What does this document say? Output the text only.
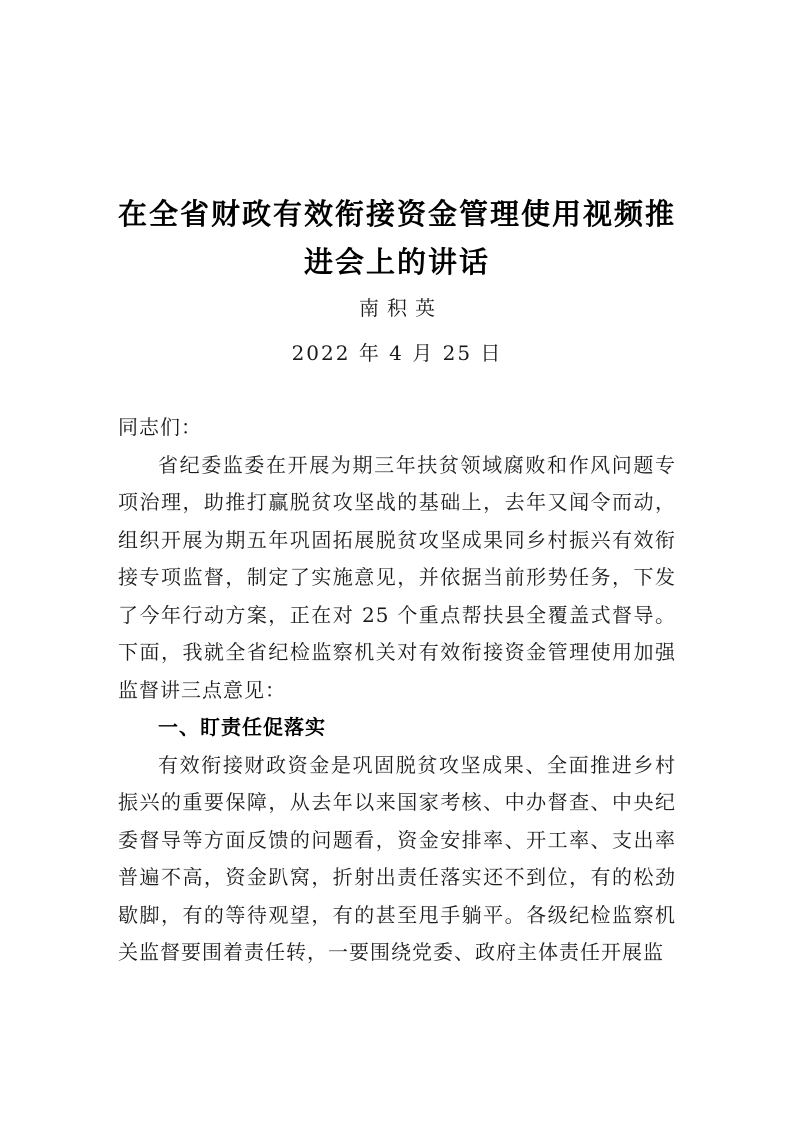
在全省财政有效衔接资金管理使用视频推进会上的讲话
南积英
2022 年 4 月 25 日

同志们：

省纪委监委在开展为期三年扶贫领域腐败和作风问题专项治理，助推打赢脱贫攻坚战的基础上，去年又闻令而动，组织开展为期五年巩固拓展脱贫攻坚成果同乡村振兴有效衔接专项监督，制定了实施意见，并依据当前形势任务，下发了今年行动方案，正在对 25 个重点帮扶县全覆盖式督导。下面，我就全省纪检监察机关对有效衔接资金管理使用加强监督讲三点意见：

一、盯责任促落实

有效衔接财政资金是巩固脱贫攻坚成果、全面推进乡村振兴的重要保障，从去年以来国家考核、中办督查、中央纪委督导等方面反馈的问题看，资金安排率、开工率、支出率普遍不高，资金趴窝，折射出责任落实还不到位，有的松劲歇脚，有的等待观望，有的甚至甩手躺平。各级纪检监察机关监督要围着责任转，一要围绕党委、政府主体责任开展监
